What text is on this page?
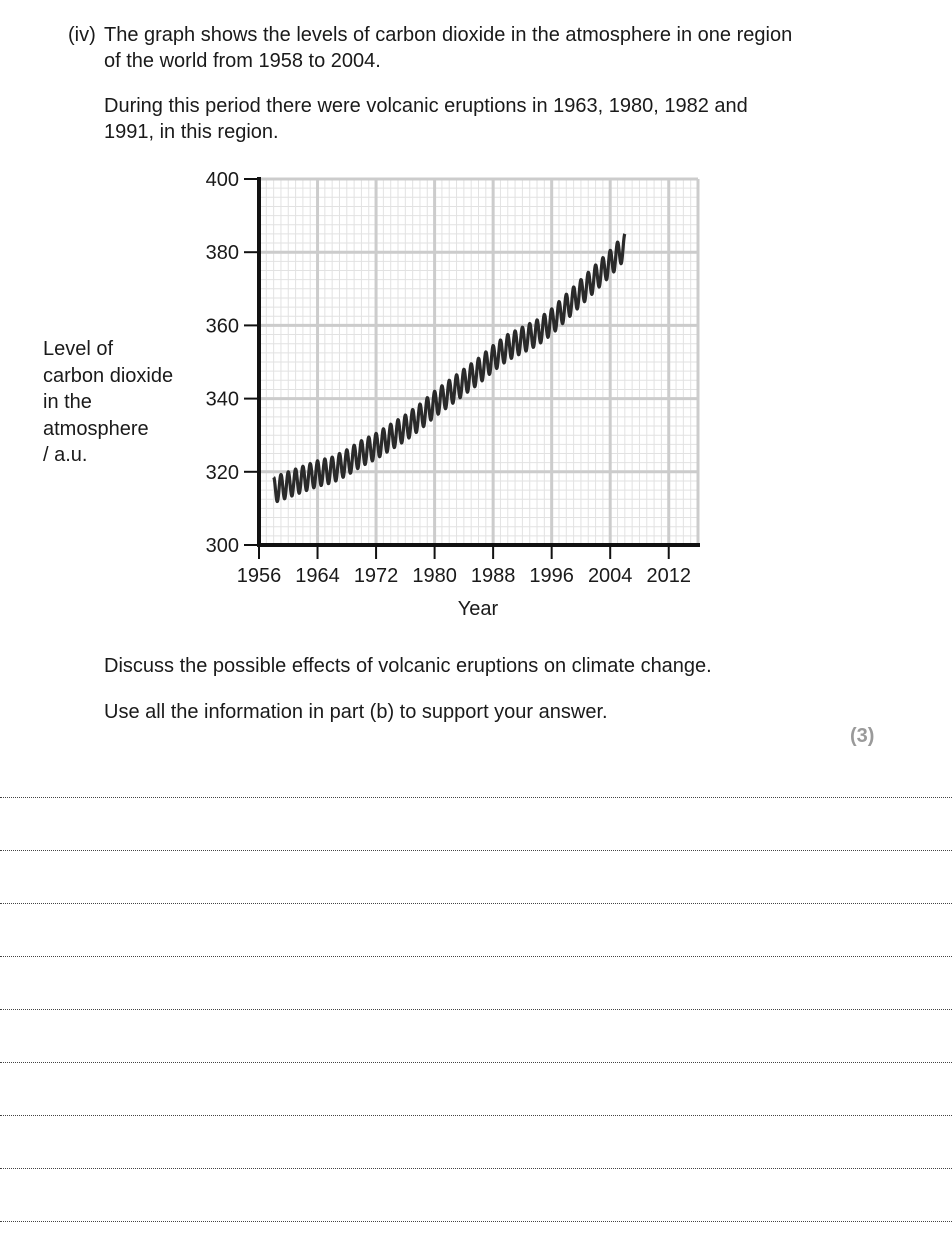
(iv) The graph shows the levels of carbon dioxide in the atmosphere in one region
of the world from 1958 to 2004.
During this period there were volcanic eruptions in 1963, 1980, 1982 and
1991, in this region.
Level of
carbon dioxide
in the
atmosphere
/ a.u.
300
320
340
360
380
400
1956 1964 1972 1980 1988 1996 2004 2012
Year
Discuss the possible effects of volcanic eruptions on climate change.
Use all the information in part (b) to support your answer.
(3)
